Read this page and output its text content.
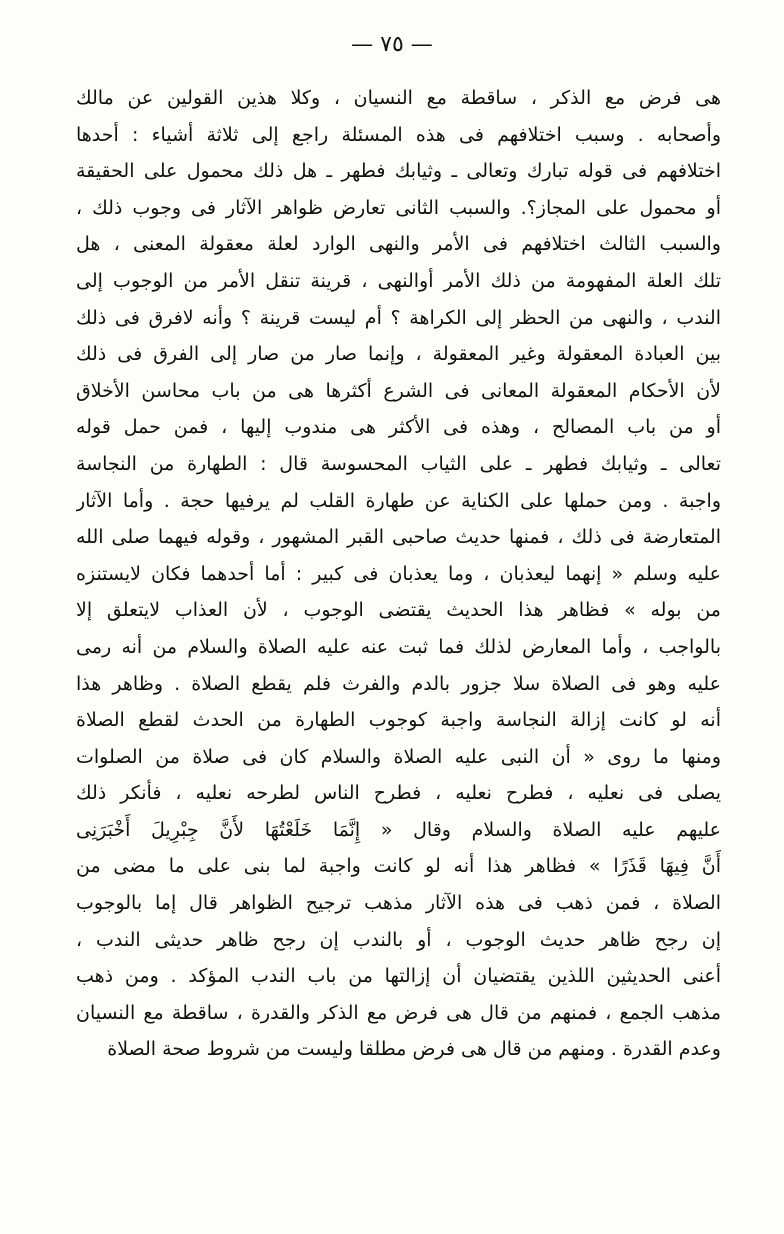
— ٧٥ —
هى فرض مع الذكر ، ساقطة مع النسيان ، وكلا هذين القولين عن مالك
وأصحابه . وسبب اختلافهم فى هذه المسئلة راجع إلى ثلاثة أشياء : أحدها
اختلافهم فى قوله تبارك وتعالى ـ وثيابك فطهر ـ هل ذلك محمول على الحقيقة
أو محمول على المجاز؟. والسبب الثانى تعارض ظواهر الآثار فى وجوب ذلك ،
والسبب الثالث اختلافهم فى الأمر والنهى الوارد لعلة معقولة المعنى ، هل
تلك العلة المفهومة من ذلك الأمر أوالنهى ، قرينة تنقل الأمر من الوجوب إلى
الندب ، والنهى من الحظر إلى الكراهة ؟ أم ليست قرينة ؟ وأنه لافرق فى ذلك
بين العبادة المعقولة وغير المعقولة ، وإنما صار من صار إلى الفرق فى ذلك
لأن الأحكام المعقولة المعانى فى الشرع أكثرها هى من باب محاسن الأخلاق
أو من باب المصالح ، وهذه فى الأكثر هى مندوب إليها ، فمن حمل قوله
تعالى ـ وثيابك فطهر ـ على الثياب المحسوسة قال : الطهارة من النجاسة
واجبة . ومن حملها على الكناية عن طهارة القلب لم يرفيها حجة . وأما الآثار
المتعارضة فى ذلك ، فمنها حديث صاحبى القبر المشهور ، وقوله فيهما صلى الله
عليه وسلم « إنهما ليعذبان ، وما يعذبان فى كبير : أما أحدهما فكان لايستنزه
من بوله » فظاهر هذا الحديث يقتضى الوجوب ، لأن العذاب لايتعلق إلا
بالواجب ، وأما المعارض لذلك فما ثبت عنه عليه الصلاة والسلام من أنه رمى
عليه وهو فى الصلاة سلا جزور بالدم والفرث فلم يقطع الصلاة . وظاهر هذا
أنه لو كانت إزالة النجاسة واجبة كوجوب الطهارة من الحدث لقطع الصلاة
ومنها ما روى « أن النبى عليه الصلاة والسلام كان فى صلاة من الصلوات
يصلى فى نعليه ، فطرح نعليه ، فطرح الناس لطرحه نعليه ، فأنكر ذلك
عليهم عليه الصلاة والسلام وقال « إِنَّمَا خَلَعْتُهَا لأَنَّ جِبْرِيلَ أَخْبَرَنِى
أَنَّ فِيهَا قَذَرًا » فظاهر هذا أنه لو كانت واجبة لما بنى على ما مضى من
الصلاة ، فمن ذهب فى هذه الآثار مذهب ترجيح الظواهر قال إما بالوجوب
إن رجح ظاهر حديث الوجوب ، أو بالندب إن رجح ظاهر حديثى الندب ،
أعنى الحديثين اللذين يقتضيان أن إزالتها من باب الندب المؤكد . ومن ذهب
مذهب الجمع ، فمنهم من قال هى فرض مع الذكر والقدرة ، ساقطة مع النسيان
وعدم القدرة . ومنهم من قال هى فرض مطلقا وليست من شروط صحة الصلاة
